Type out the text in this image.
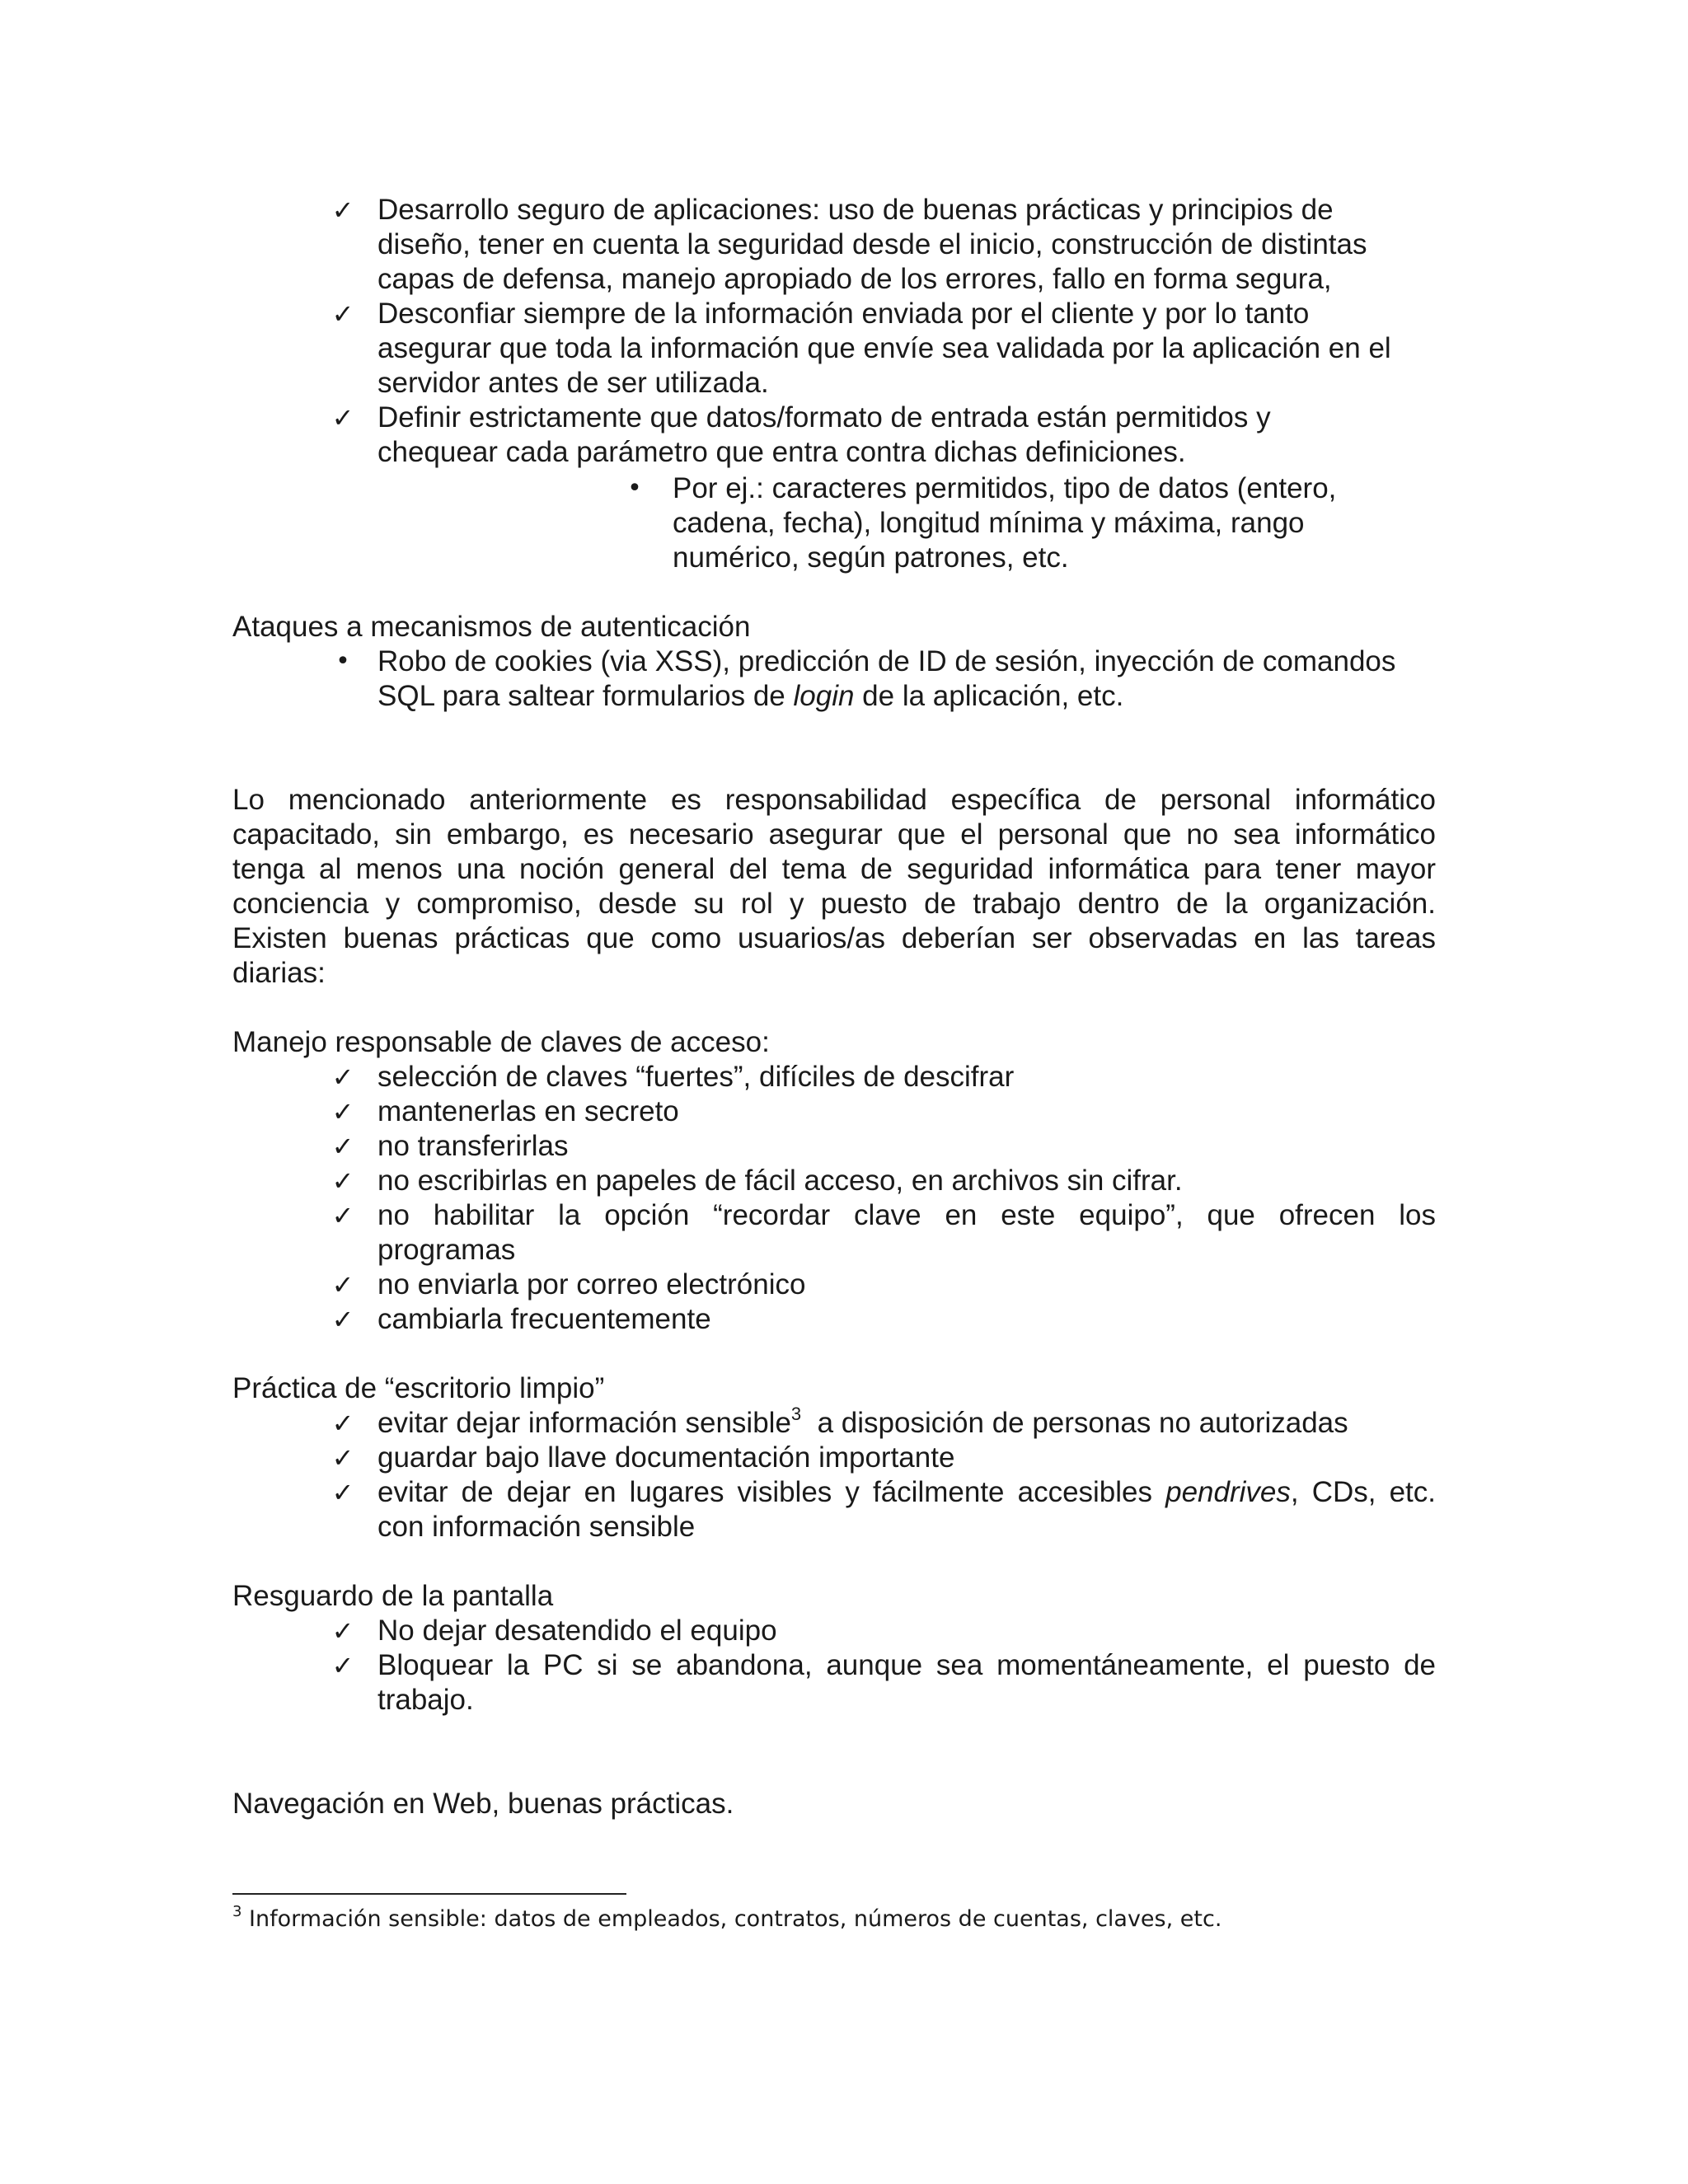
✓ Desarrollo seguro de aplicaciones: uso de buenas prácticas y principios de
diseño, tener en cuenta la seguridad desde el inicio, construcción de distintas
capas de defensa, manejo apropiado de los errores, fallo en forma segura,
✓ Desconfiar siempre de la información enviada por el cliente y por lo tanto
asegurar que toda la información que envíe sea validada por la aplicación en el
servidor antes de ser utilizada.
✓ Definir estrictamente que datos/formato de entrada están permitidos y
chequear cada parámetro que entra contra dichas definiciones.
• Por ej.: caracteres permitidos, tipo de datos (entero,
cadena, fecha), longitud mínima y máxima, rango
numérico, según patrones, etc.
Ataques a mecanismos de autenticación
• Robo de cookies (via XSS), predicción de ID de sesión, inyección de comandos
SQL para saltear formularios de login de la aplicación, etc.
Lo mencionado anteriormente es responsabilidad específica de personal informático
capacitado, sin embargo, es necesario asegurar que el personal que no sea informático
tenga al menos una noción general del tema de seguridad informática para tener mayor
conciencia y compromiso, desde su rol y puesto de trabajo dentro de la organización.
Existen buenas prácticas que como usuarios/as deberían ser observadas en las tareas
diarias:
Manejo responsable de claves de acceso:
✓ selección de claves “fuertes”, difíciles de descifrar
✓ mantenerlas en secreto
✓ no transferirlas
✓ no escribirlas en papeles de fácil acceso, en archivos sin cifrar.
✓ no habilitar la opción “recordar clave en este equipo”, que ofrecen los
programas
✓ no enviarla por correo electrónico
✓ cambiarla frecuentemente
Práctica de “escritorio limpio”
✓ evitar dejar información sensible$^3$  a disposición de personas no autorizadas
✓ guardar bajo llave documentación importante
✓ evitar de dejar en lugares visibles y fácilmente accesibles pendrives, CDs, etc.
con información sensible
Resguardo de la pantalla
✓ No dejar desatendido el equipo
✓ Bloquear la PC si se abandona, aunque sea momentáneamente, el puesto de
trabajo.
Navegación en Web, buenas prácticas.
$^3$ Información sensible: datos de empleados, contratos, números de cuentas, claves, etc.
